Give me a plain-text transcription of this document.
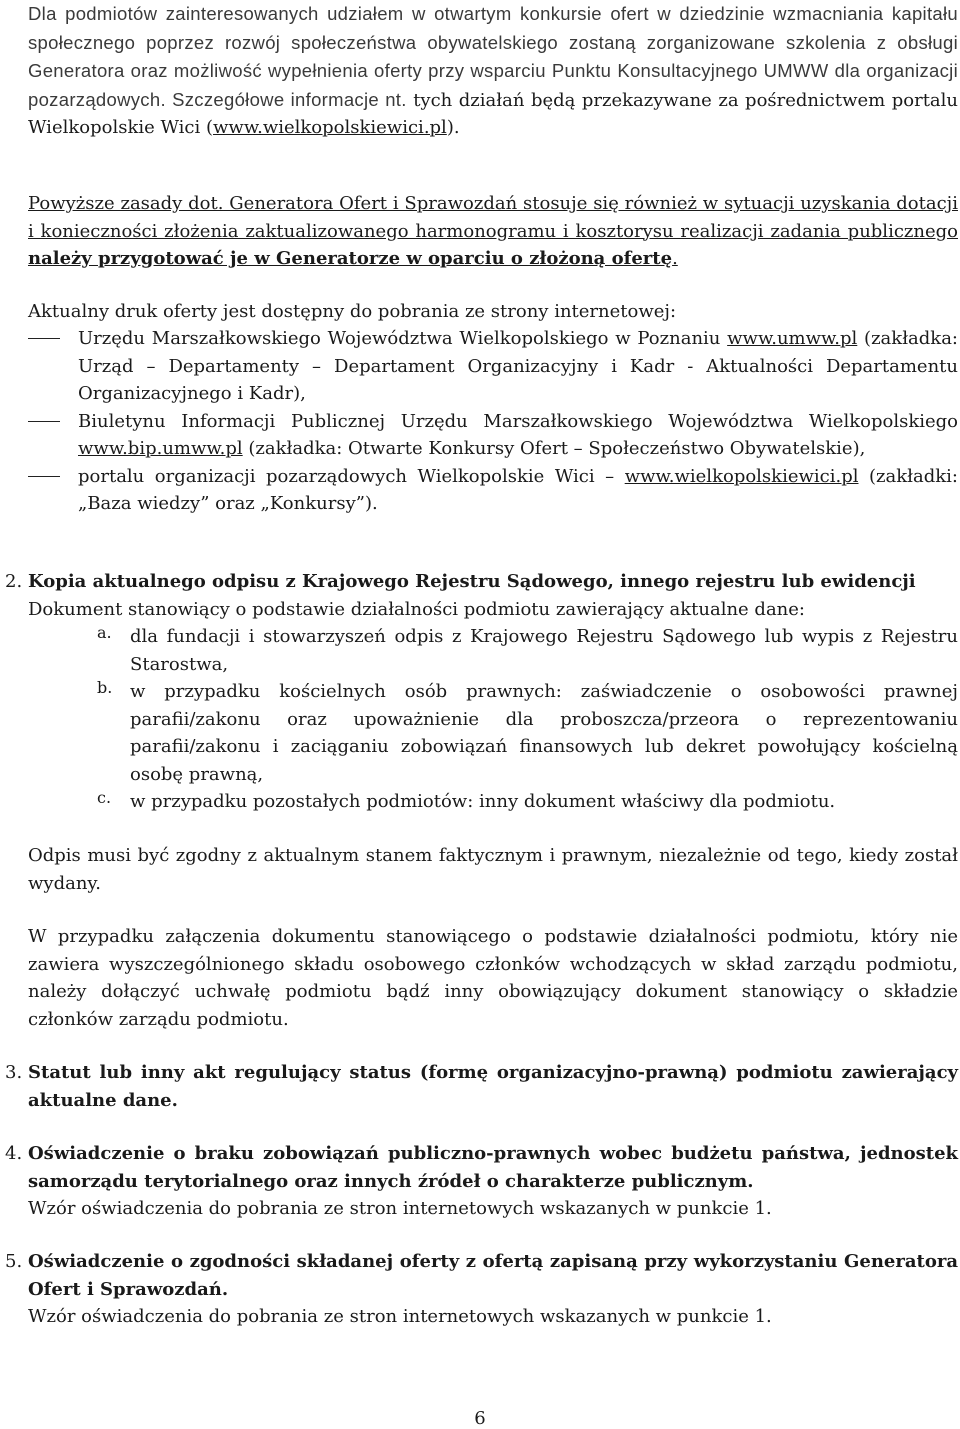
Dla podmiotów zainteresowanych udziałem w otwartym konkursie ofert w dziedzinie wzmacniania kapitału społecznego poprzez rozwój społeczeństwa obywatelskiego zostaną zorganizowane szkolenia z obsługi Generatora oraz możliwość wypełnienia oferty przy wsparciu Punktu Konsultacyjnego UMWW dla organizacji pozarządowych. Szczegółowe informacje nt. tych działań będą przekazywane za pośrednictwem portalu Wielkopolskie Wici (www.wielkopolskiewici.pl).

Powyższe zasady dot. Generatora Ofert i Sprawozdań stosuje się również w sytuacji uzyskania dotacji i konieczności złożenia zaktualizowanego harmonogramu i kosztorysu realizacji zadania publicznego należy przygotować je w Generatorze w oparciu o złożoną ofertę.

Aktualny druk oferty jest dostępny do pobrania ze strony internetowej:

Urzędu Marszałkowskiego Województwa Wielkopolskiego w Poznaniu www.umww.pl (zakładka: Urząd – Departamenty – Departament Organizacyjny i Kadr - Aktualności Departamentu Organizacyjnego i Kadr),

Biuletynu Informacji Publicznej Urzędu Marszałkowskiego Województwa Wielkopolskiego www.bip.umww.pl (zakładka: Otwarte Konkursy Ofert – Społeczeństwo Obywatelskie),

portalu organizacji pozarządowych Wielkopolskie Wici – www.wielkopolskiewici.pl (zakładki: „Baza wiedzy” oraz „Konkursy”).

2. Kopia aktualnego odpisu z Krajowego Rejestru Sądowego, innego rejestru lub ewidencji

Dokument stanowiący o podstawie działalności podmiotu zawierający aktualne dane:

a.	dla fundacji i stowarzyszeń odpis z Krajowego Rejestru Sądowego lub wypis z Rejestru Starostwa,

b. w przypadku kościelnych osób prawnych: zaświadczenie o osobowości prawnej parafii/zakonu oraz upoważnienie dla proboszcza/przeora o reprezentowaniu parafii/zakonu i zaciąganiu zobowiązań finansowych lub dekret powołujący kościelną osobę prawną,

c.	w przypadku pozostałych podmiotów: inny dokument właściwy dla podmiotu.

Odpis musi być zgodny z aktualnym stanem faktycznym i prawnym, niezależnie od tego, kiedy został wydany.

W przypadku załączenia dokumentu stanowiącego o podstawie działalności podmiotu, który nie zawiera wyszczególnionego składu osobowego członków wchodzących w skład zarządu podmiotu, należy dołączyć uchwałę podmiotu bądź inny obowiązujący dokument stanowiący o składzie członków zarządu podmiotu.

3. Statut lub inny akt regulujący status (formę organizacyjno-prawną) podmiotu zawierający aktualne dane.

4. Oświadczenie o braku zobowiązań publiczno-prawnych wobec budżetu państwa, jednostek samorządu terytorialnego oraz innych źródeł o charakterze publicznym.

Wzór oświadczenia do pobrania ze stron internetowych wskazanych w punkcie 1.

5. Oświadczenie o zgodności składanej oferty z ofertą zapisaną przy wykorzystaniu Generatora Ofert i Sprawozdań.

Wzór oświadczenia do pobrania ze stron internetowych wskazanych w punkcie 1.

6
